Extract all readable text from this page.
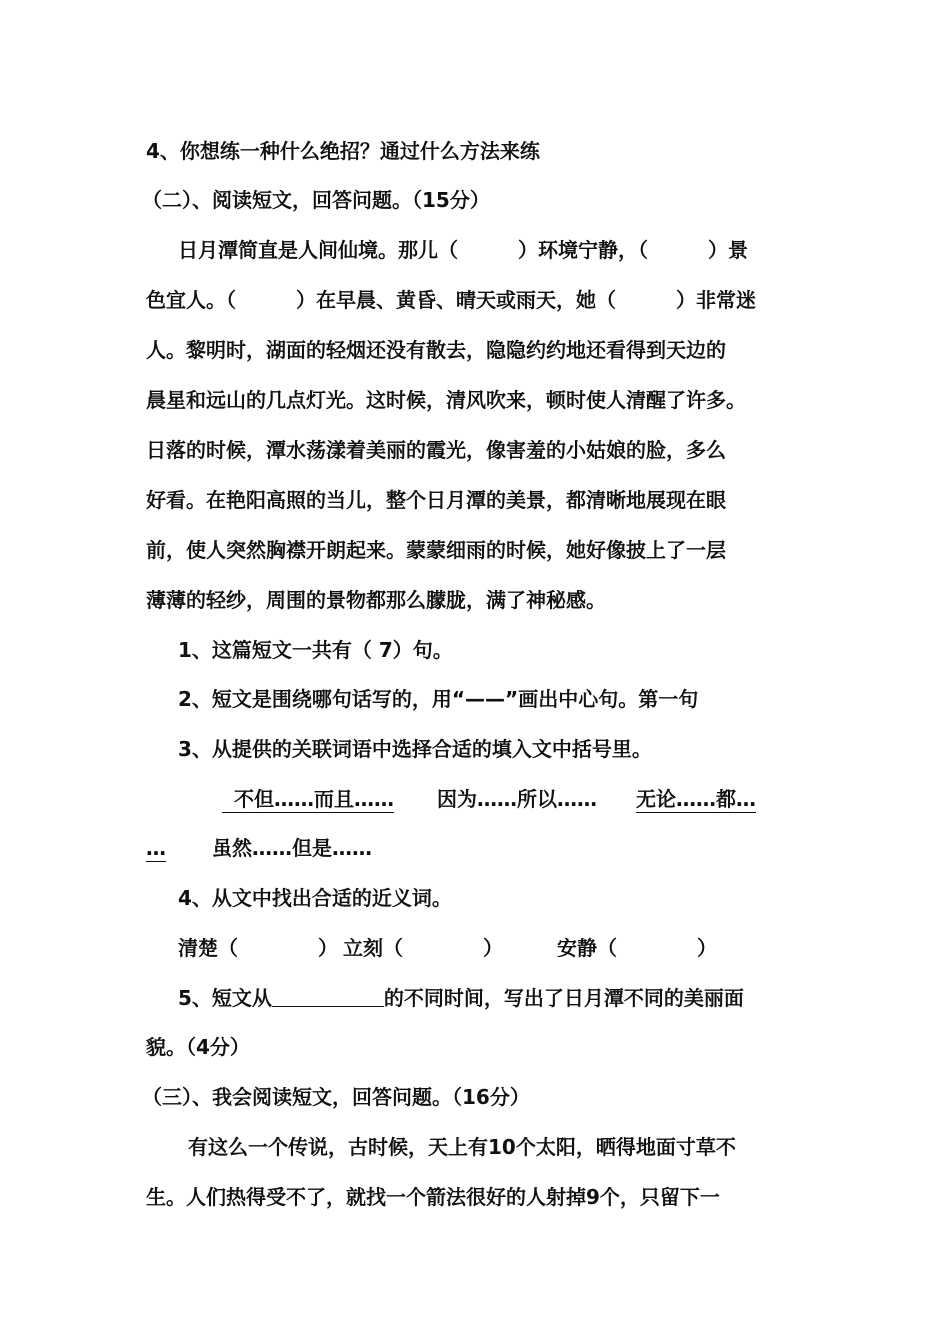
4、你想练一种什么绝招？通过什么方法来练
（二）、阅读短文，回答问题。（15分）
日月潭简直是人间仙境。那儿（　　　）环境宁静，（　　　）景
色宜人。（　　　）在早晨、黄昏、晴天或雨天，她（　　　）非常迷
人。黎明时，湖面的轻烟还没有散去，隐隐约约地还看得到天边的
晨星和远山的几点灯光。这时候，清风吹来，顿时使人清醒了许多。
日落的时候，潭水荡漾着美丽的霞光，像害羞的小姑娘的脸，多么
好看。在艳阳高照的当儿，整个日月潭的美景，都清晰地展现在眼
前，使人突然胸襟开朗起来。蒙蒙细雨的时候，她好像披上了一层
薄薄的轻纱，周围的景物都那么朦胧，满了神秘感。
1、这篇短文一共有（ 7）句。
2、短文是围绕哪句话写的，用“——”画出中心句。第一句
3、从提供的关联词语中选择合适的填入文中括号里。
不但……而且…… 因为……所以…… 无论……都…
… 虽然……但是……
4、从文中找出合适的近义词。
清楚（　　　　） 立刻（　　　　）	安静（　　　　）
5、短文从	的不同时间，写出了日月潭不同的美丽面
貌。（4分）
（三）、我会阅读短文，回答问题。（16分）
有这么一个传说，古时候，天上有10个太阳，晒得地面寸草不
生。人们热得受不了，就找一个箭法很好的人射掉9个，只留下一
